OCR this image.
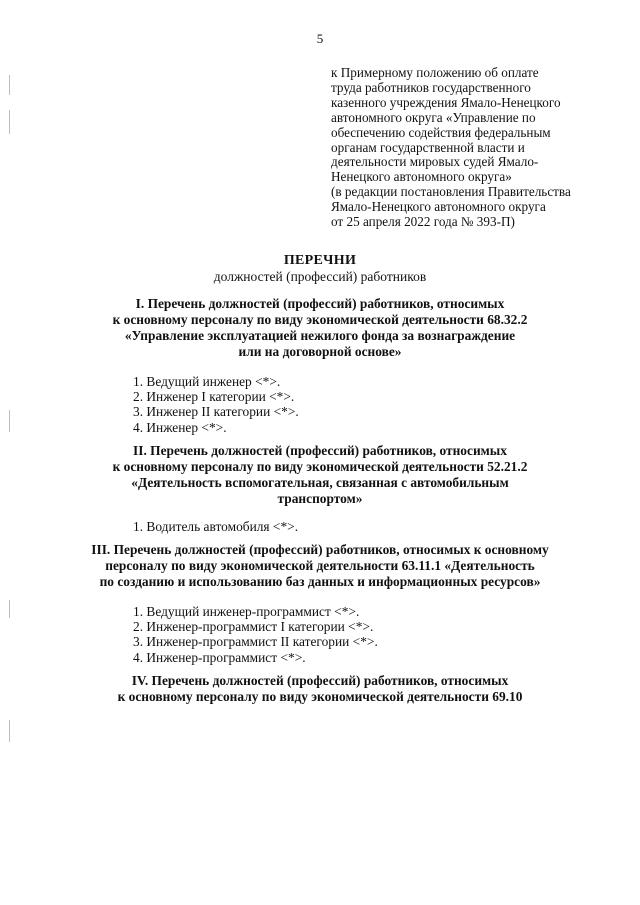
5
к Примерному положению об оплате
труда работников государственного
казенного учреждения Ямало-Ненецкого
автономного округа «Управление по
обеспечению содействия федеральным
органам государственной власти и
деятельности мировых судей Ямало-
Ненецкого автономного округа»
(в редакции постановления Правительства
Ямало-Ненецкого автономного округа
от 25 апреля 2022 года № 393-П)
ПЕРЕЧНИ
должностей (профессий) работников
I. Перечень должностей (профессий) работников, относимых
к основному персоналу по виду экономической деятельности 68.32.2
«Управление эксплуатацией нежилого фонда за вознаграждение
или на договорной основе»
1. Ведущий инженер <*>.
2. Инженер I категории <*>.
3. Инженер II категории <*>.
4. Инженер <*>.
II. Перечень должностей (профессий) работников, относимых
к основному персоналу по виду экономической деятельности 52.21.2
«Деятельность вспомогательная, связанная с автомобильным
транспортом»
1. Водитель автомобиля <*>.
III. Перечень должностей (профессий) работников, относимых к основному
персоналу по виду экономической деятельности 63.11.1 «Деятельность
по созданию и использованию баз данных и информационных ресурсов»
1. Ведущий инженер-программист <*>.
2. Инженер-программист I категории <*>.
3. Инженер-программист II категории <*>.
4. Инженер-программист <*>.
IV. Перечень должностей (профессий) работников, относимых
к основному персоналу по виду экономической деятельности 69.10
